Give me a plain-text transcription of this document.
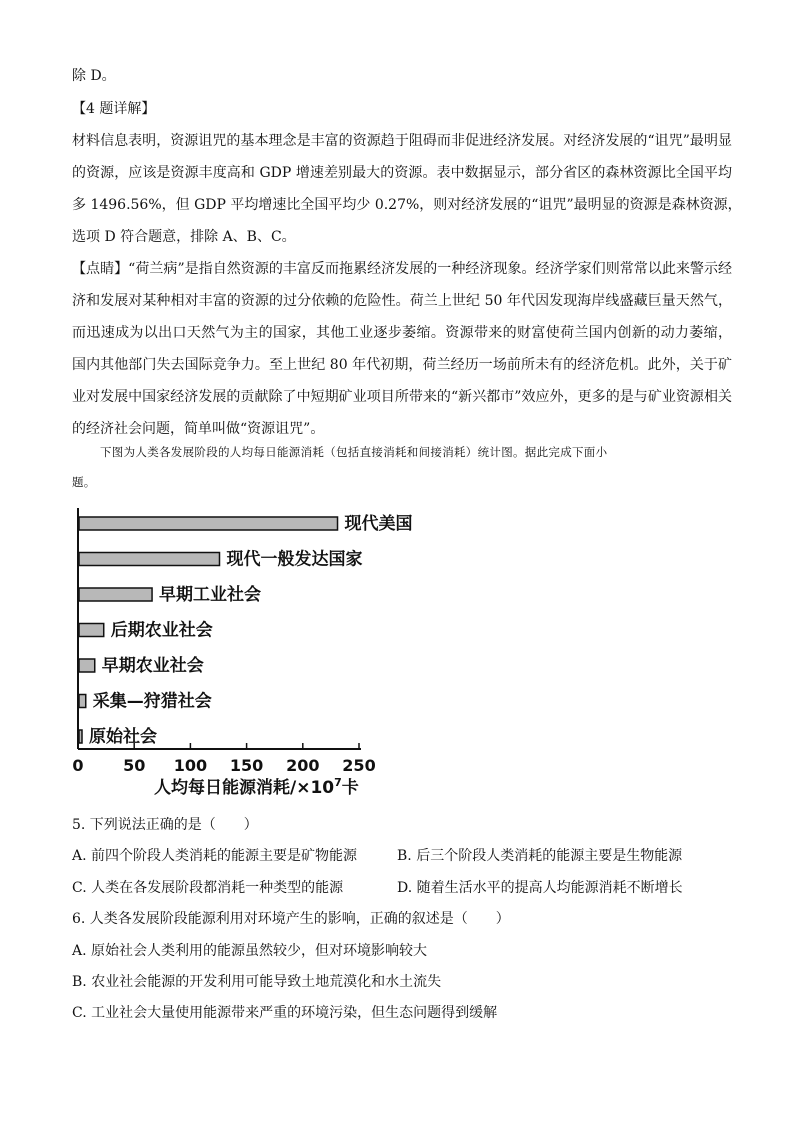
除 D。
【4 题详解】
材料信息表明，资源诅咒的基本理念是丰富的资源趋于阻碍而非促进经济发展。对经济发展的“诅咒”最明显
的资源，应该是资源丰度高和 GDP 增速差别最大的资源。表中数据显示，部分省区的森林资源比全国平均
多 1496.56%，但 GDP 平均增速比全国平均少 0.27%，则对经济发展的“诅咒”最明显的资源是森林资源，
选项 D 符合题意，排除 A、B、C。
【点睛】“荷兰病”是指自然资源的丰富反而拖累经济发展的一种经济现象。经济学家们则常常以此来警示经
济和发展对某种相对丰富的资源的过分依赖的危险性。荷兰上世纪 50 年代因发现海岸线盛藏巨量天然气，
而迅速成为以出口天然气为主的国家，其他工业逐步萎缩。资源带来的财富使荷兰国内创新的动力萎缩，
国内其他部门失去国际竞争力。至上世纪 80 年代初期，荷兰经历一场前所未有的经济危机。此外，关于矿
业对发展中国家经济发展的贡献除了中短期矿业项目所带来的“新兴都市”效应外，更多的是与矿业资源相关
的经济社会问题，简单叫做“资源诅咒”。
下图为人类各发展阶段的人均每日能源消耗（包括直接消耗和间接消耗）统计图。据此完成下面小
题。
现代美国
现代一般发达国家
早期工业社会
后期农业社会
早期农业社会
采集—狩猎社会
原始社会
0 50 100 150 200 250
人均每日能源消耗$/\times 10^7$卡
5. 下列说法正确的是（　　）
A. 前四个阶段人类消耗的能源主要是矿物能源	B. 后三个阶段人类消耗的能源主要是生物能源
C. 人类在各发展阶段都消耗一种类型的能源	D. 随着生活水平的提高人均能源消耗不断增长
6. 人类各发展阶段能源利用对环境产生的影响，正确的叙述是（　　）
A. 原始社会人类利用的能源虽然较少，但对环境影响较大
B. 农业社会能源的开发利用可能导致土地荒漠化和水土流失
C. 工业社会大量使用能源带来严重的环境污染，但生态问题得到缓解
